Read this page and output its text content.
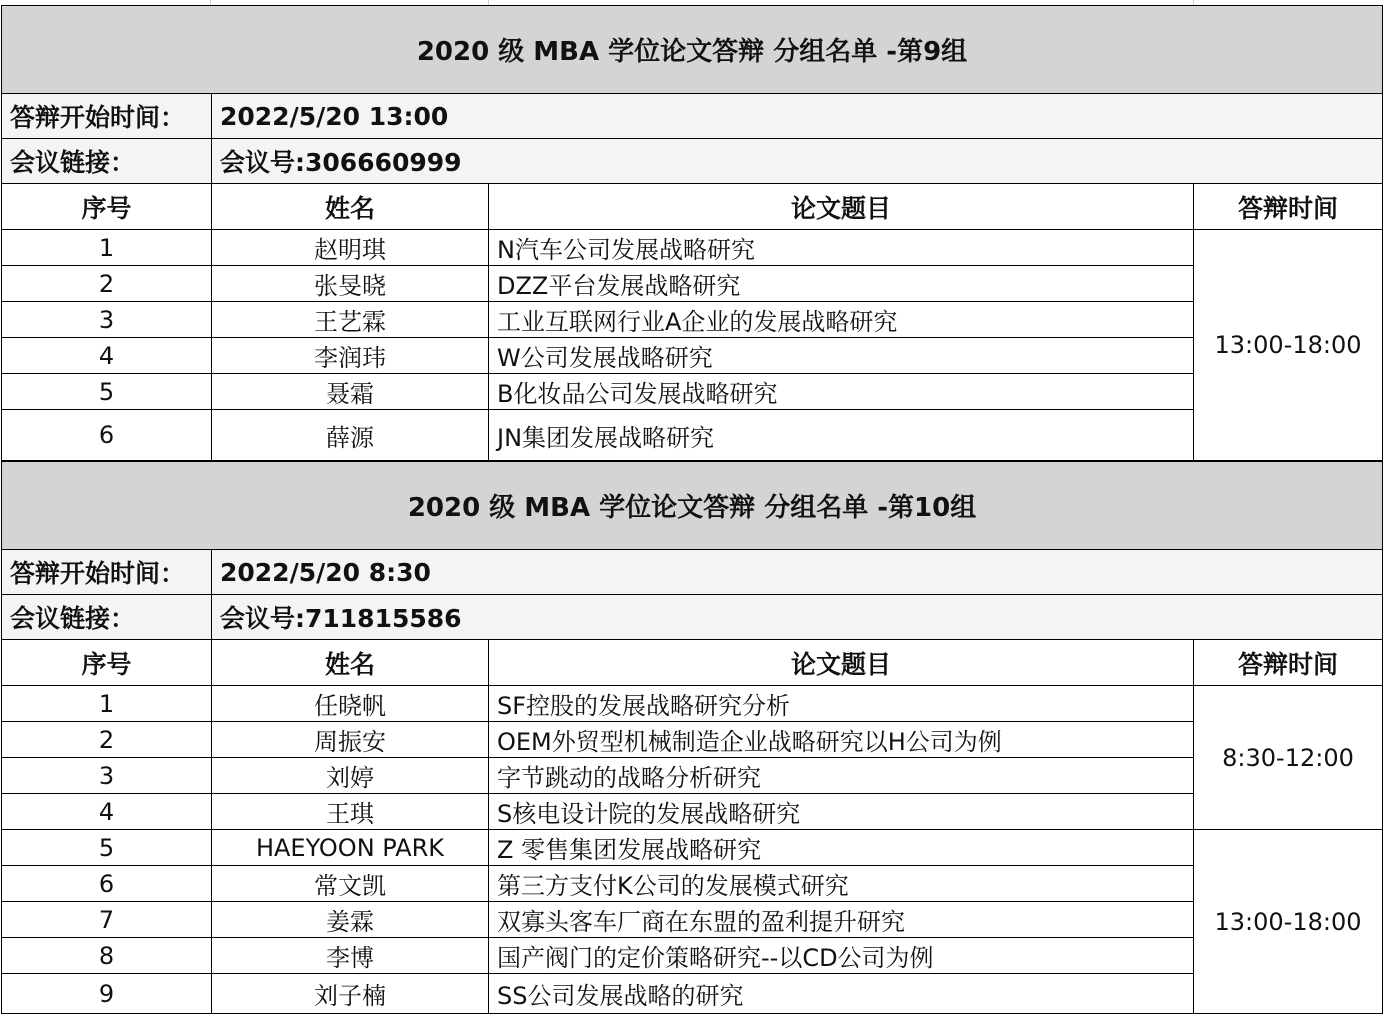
2020 级 MBA 学位论文答辩 分组名单 -第9组			
答辩开始时间：	2022/5/20 13:00		
会议链接：	会议号:306660999		
序号	姓名	论文题目	答辩时间
1	赵明琪	N汽车公司发展战略研究	13:00-18:00
2	张旻晓	DZZ平台发展战略研究	
3	王艺霖	工业互联网行业A企业的发展战略研究	
4	李润玮	W公司发展战略研究	
5	聂霜	B化妆品公司发展战略研究	
6	薛源	JN集团发展战略研究	
2020 级 MBA 学位论文答辩 分组名单 -第10组			
答辩开始时间：	2022/5/20 8:30		
会议链接：	会议号:711815586		
序号	姓名	论文题目	答辩时间
1	任晓帆	SF控股的发展战略研究分析	8:30-12:00
2	周振安	OEM外贸型机械制造企业战略研究以H公司为例	
3	刘婷	字节跳动的战略分析研究	
4	王琪	S核电设计院的发展战略研究	
5	HAEYOON PARK	Z 零售集团发展战略研究	13:00-18:00
6	常文凯	第三方支付K公司的发展模式研究	
7	姜霖	双寡头客车厂商在东盟的盈利提升研究	
8	李博	国产阀门的定价策略研究--以CD公司为例	
9	刘子楠	SS公司发展战略的研究	
